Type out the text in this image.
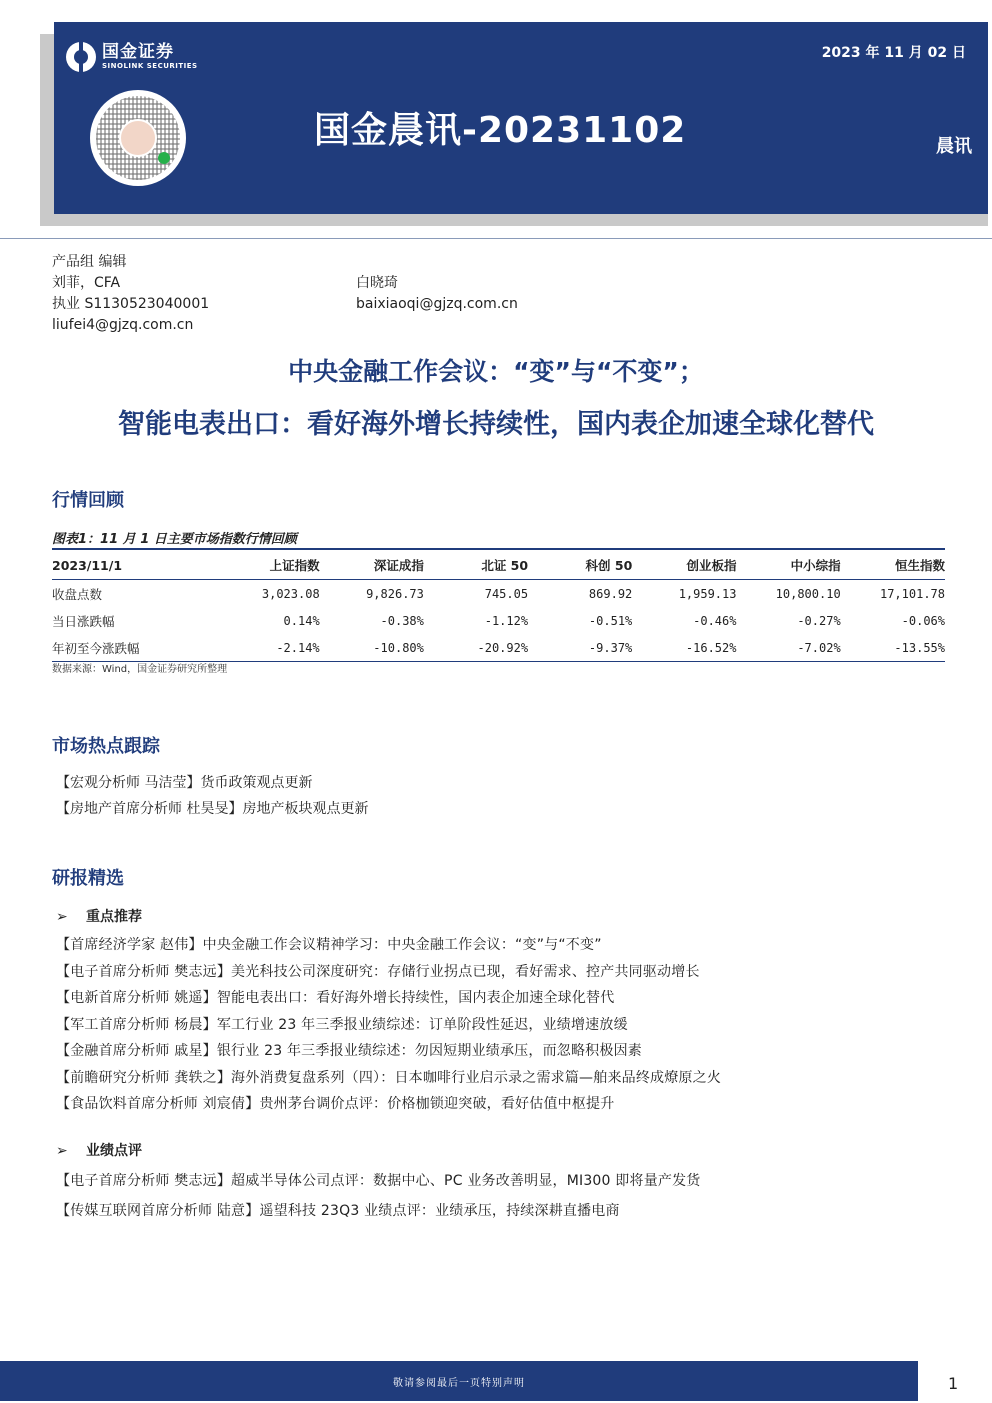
国金证券
SINOLINK SECURITIES
2023 年 11 月 02 日
国金晨讯-20231102	晨讯
产品组 编辑
刘菲，CFA
执业 S1130523040001
liufei4@gjzq.com.cn
白晓琦
baixiaoqi@gjzq.com.cn
中央金融工作会议：“变”与“不变”；
智能电表出口：看好海外增长持续性，国内表企加速全球化替代
行情回顾
图表1：11 月 1 日主要市场指数行情回顾
2023/11/1	上证指数	深证成指	北证 50	科创 50	创业板指	中小综指	恒生指数
收盘点数	3,023.08	9,826.73	745.05	869.92	1,959.13	10,800.10	17,101.78
当日涨跌幅	0.14%	-0.38%	-1.12%	-0.51%	-0.46%	-0.27%	-0.06%
年初至今涨跌幅	-2.14%	-10.80%	-20.92%	-9.37%	-16.52%	-7.02%	-13.55%
数据来源：Wind，国金证券研究所整理
市场热点跟踪
【宏观分析师 马洁莹】货币政策观点更新
【房地产首席分析师 杜昊旻】房地产板块观点更新
研报精选
➢ 重点推荐
【首席经济学家 赵伟】中央金融工作会议精神学习：中央金融工作会议：“变”与“不变”
【电子首席分析师 樊志远】美光科技公司深度研究：存储行业拐点已现，看好需求、控产共同驱动增长
【电新首席分析师 姚遥】智能电表出口：看好海外增长持续性，国内表企加速全球化替代
【军工首席分析师 杨晨】军工行业 23 年三季报业绩综述：订单阶段性延迟，业绩增速放缓
【金融首席分析师 戚星】银行业 23 年三季报业绩综述：勿因短期业绩承压，而忽略积极因素
【前瞻研究分析师 龚轶之】海外消费复盘系列（四）：日本咖啡行业启示录之需求篇—舶来品终成燎原之火
【食品饮料首席分析师 刘宸倩】贵州茅台调价点评：价格枷锁迎突破，看好估值中枢提升
➢ 业绩点评
【电子首席分析师 樊志远】超威半导体公司点评：数据中心、PC 业务改善明显，MI300 即将量产发货
【传媒互联网首席分析师 陆意】遥望科技 23Q3 业绩点评：业绩承压，持续深耕直播电商
敬请参阅最后一页特别声明	1
